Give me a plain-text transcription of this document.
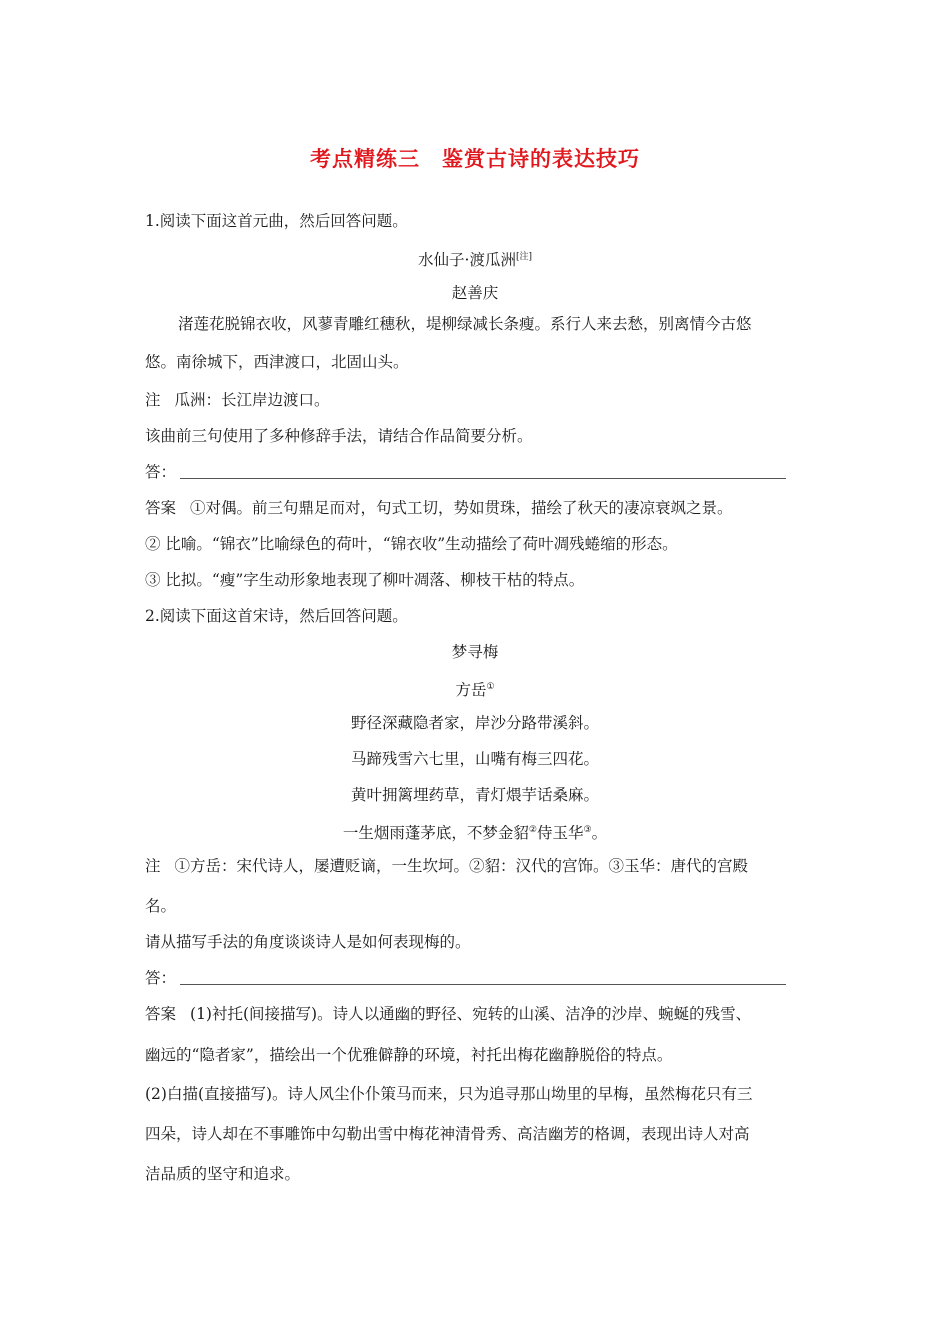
考点精练三 鉴赏古诗的表达技巧
1.阅读下面这首元曲，然后回答问题。
水仙子·渡瓜洲[注]
赵善庆
渚莲花脱锦衣收，风蓼青雕红穗秋，堤柳绿减长条瘦。系行人来去愁，别离情今古悠
悠。南徐城下，西津渡口，北固山头。
注 瓜洲：长江岸边渡口。
该曲前三句使用了多种修辞手法，请结合作品简要分析。
答：
答案 ①对偶。前三句鼎足而对，句式工切，势如贯珠，描绘了秋天的凄凉衰飒之景。
② 比喻。“锦衣”比喻绿色的荷叶，“锦衣收”生动描绘了荷叶凋残蜷缩的形态。
③ 比拟。“瘦”字生动形象地表现了柳叶凋落、柳枝干枯的特点。
2.阅读下面这首宋诗，然后回答问题。
梦寻梅
方岳①
野径深藏隐者家，岸沙分路带溪斜。
马蹄残雪六七里，山嘴有梅三四花。
黄叶拥篱埋药草，青灯煨芋话桑麻。
一生烟雨蓬茅底，不梦金貂②侍玉华③。
注 ①方岳：宋代诗人，屡遭贬谪，一生坎坷。②貂：汉代的宫饰。③玉华：唐代的宫殿
名。
请从描写手法的角度谈谈诗人是如何表现梅的。
答：
答案 (1)衬托(间接描写)。诗人以通幽的野径、宛转的山溪、洁净的沙岸、蜿蜒的残雪、
幽远的“隐者家”，描绘出一个优雅僻静的环境，衬托出梅花幽静脱俗的特点。
(2)白描(直接描写)。诗人风尘仆仆策马而来，只为追寻那山坳里的早梅，虽然梅花只有三
四朵，诗人却在不事雕饰中勾勒出雪中梅花神清骨秀、高洁幽芳的格调，表现出诗人对高
洁品质的坚守和追求。
